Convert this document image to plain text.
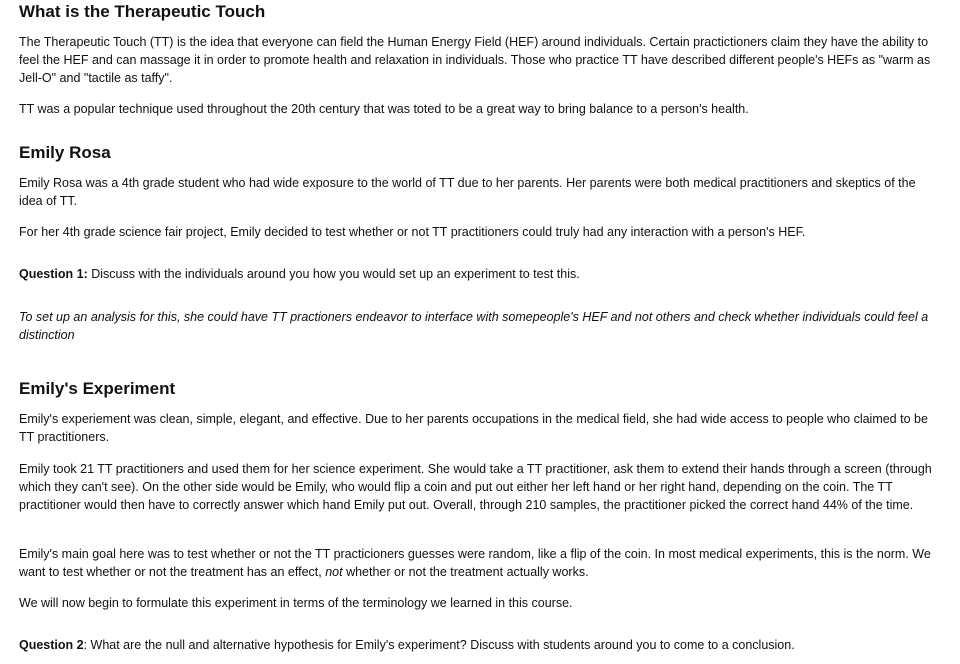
What is the Therapeutic Touch

The Therapeutic Touch (TT) is the idea that everyone can field the Human Energy Field (HEF) around individuals. Certain practictioners claim they have the ability to feel the HEF and can massage it in order to promote health and relaxation in individuals. Those who practice TT have described different people's HEFs as "warm as Jell-O" and "tactile as taffy".

TT was a popular technique used throughout the 20th century that was toted to be a great way to bring balance to a person's health.

Emily Rosa

Emily Rosa was a 4th grade student who had wide exposure to the world of TT due to her parents. Her parents were both medical practitioners and skeptics of the idea of TT.

For her 4th grade science fair project, Emily decided to test whether or not TT practitioners could truly had any interaction with a person's HEF.

Question 1: Discuss with the individuals around you how you would set up an experiment to test this.

To set up an analysis for this, she could have TT practioners endeavor to interface with somepeople's HEF and not others and check whether individuals could feel a distinction

Emily's Experiment

Emily's experiement was clean, simple, elegant, and effective. Due to her parents occupations in the medical field, she had wide access to people who claimed to be TT practitioners.

Emily took 21 TT practitioners and used them for her science experiment. She would take a TT practitioner, ask them to extend their hands through a screen (through which they can't see). On the other side would be Emily, who would flip a coin and put out either her left hand or her right hand, depending on the coin. The TT practitioner would then have to correctly answer which hand Emily put out. Overall, through 210 samples, the practitioner picked the correct hand 44% of the time.

Emily's main goal here was to test whether or not the TT practicioners guesses were random, like a flip of the coin. In most medical experiments, this is the norm. We want to test whether or not the treatment has an effect, not whether or not the treatment actually works.

We will now begin to formulate this experiment in terms of the terminology we learned in this course.

Question 2: What are the null and alternative hypothesis for Emily's experiment? Discuss with students around you to come to a conclusion.
